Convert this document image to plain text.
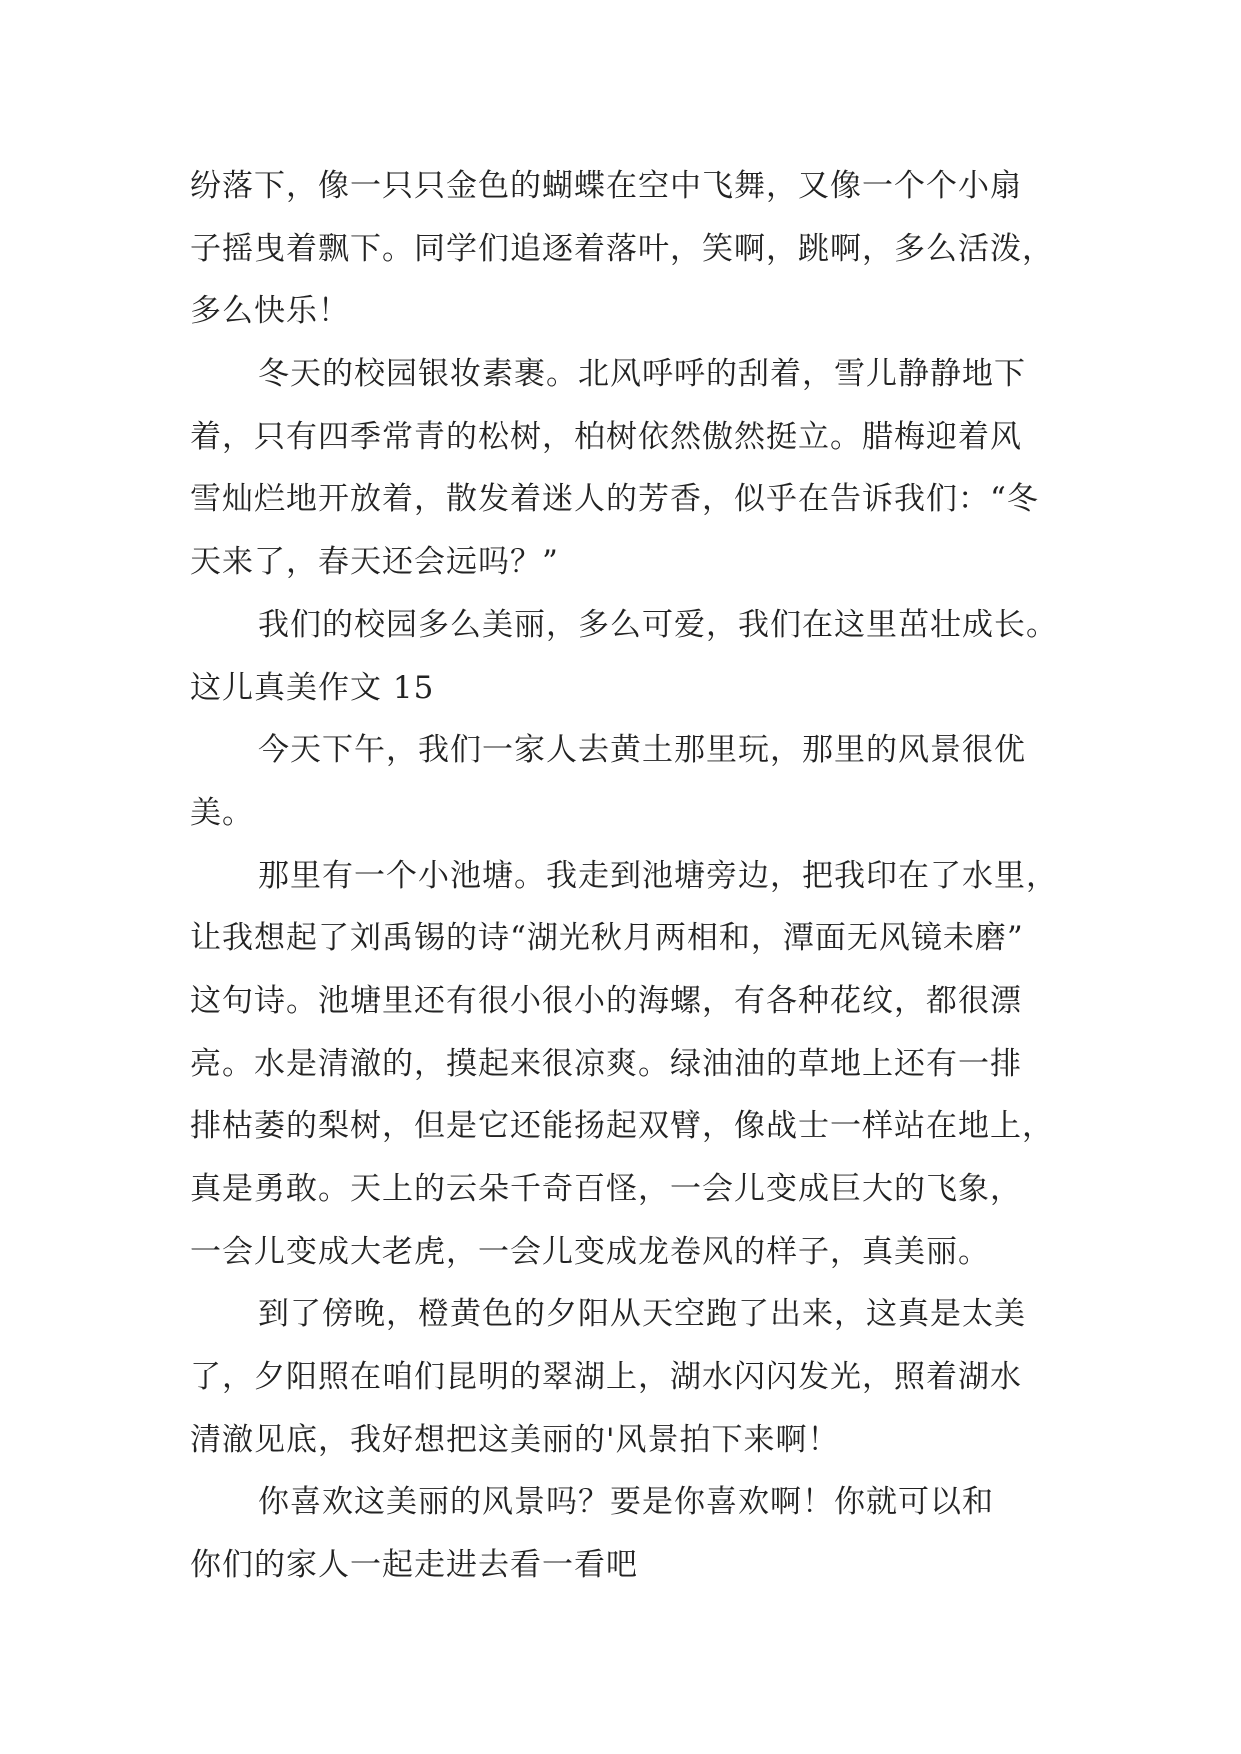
纷落下，像一只只金色的蝴蝶在空中飞舞，又像一个个小扇
子摇曳着飘下。同学们追逐着落叶，笑啊，跳啊，多么活泼，
多么快乐！
冬天的校园银妆素裹。北风呼呼的刮着，雪儿静静地下
着，只有四季常青的松树，柏树依然傲然挺立。腊梅迎着风
雪灿烂地开放着，散发着迷人的芳香，似乎在告诉我们：“冬
天来了，春天还会远吗？”
我们的校园多么美丽，多么可爱，我们在这里茁壮成长。
这儿真美作文 15
今天下午，我们一家人去黄土那里玩，那里的风景很优
美。
那里有一个小池塘。我走到池塘旁边，把我印在了水里，
让我想起了刘禹锡的诗“湖光秋月两相和，潭面无风镜未磨”
这句诗。池塘里还有很小很小的海螺，有各种花纹，都很漂
亮。水是清澈的，摸起来很凉爽。绿油油的草地上还有一排
排枯萎的梨树，但是它还能扬起双臂，像战士一样站在地上，
真是勇敢。天上的云朵千奇百怪，一会儿变成巨大的飞象，
一会儿变成大老虎，一会儿变成龙卷风的样子，真美丽。
到了傍晚，橙黄色的夕阳从天空跑了出来，这真是太美
了，夕阳照在咱们昆明的翠湖上，湖水闪闪发光，照着湖水
清澈见底，我好想把这美丽的'风景拍下来啊！
你喜欢这美丽的风景吗？要是你喜欢啊！你就可以和
你们的家人一起走进去看一看吧
